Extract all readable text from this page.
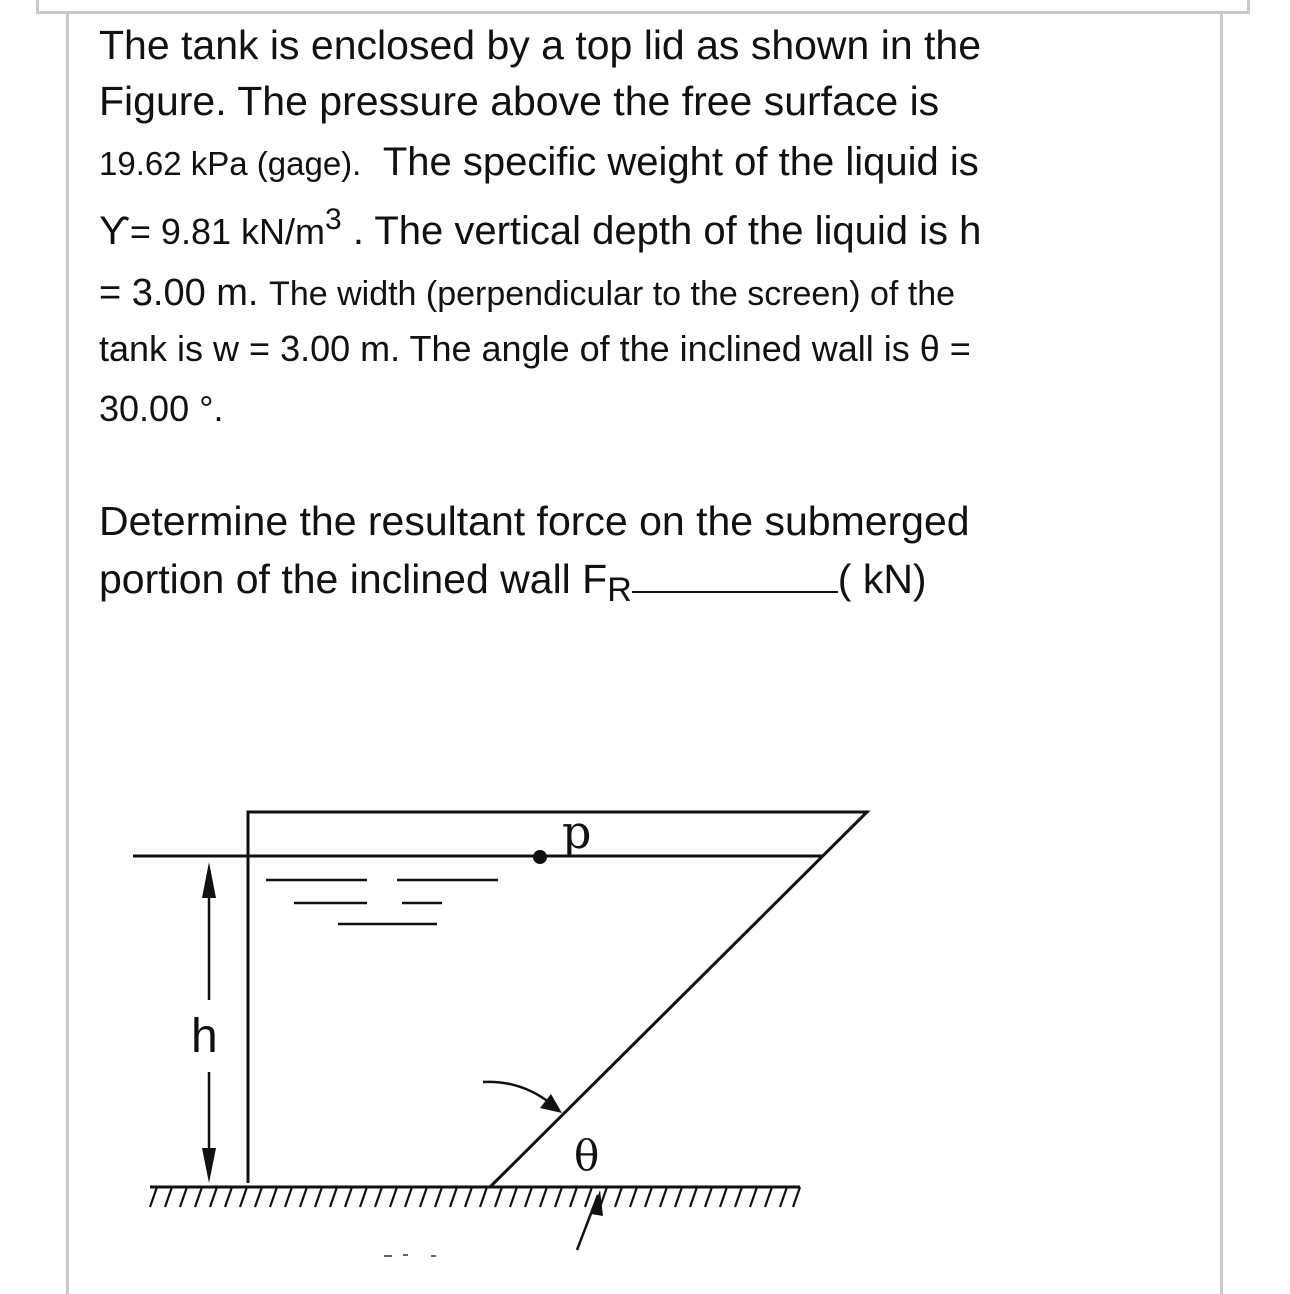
The tank is enclosed by a top lid as shown in the
Figure. The pressure above the free surface is
19.62 kPa (gage). The specific weight of the liquid is
ϒ= 9.81 $kN/m^3$ . The vertical depth of the liquid is h
= 3.00 m. The width (perpendicular to the screen) of the
tank is w = 3.00 m. The angle of the inclined wall is θ =
30.00 °.
Determine the resultant force on the submerged
portion of the inclined wall FR	( kN)
p
h
θ
